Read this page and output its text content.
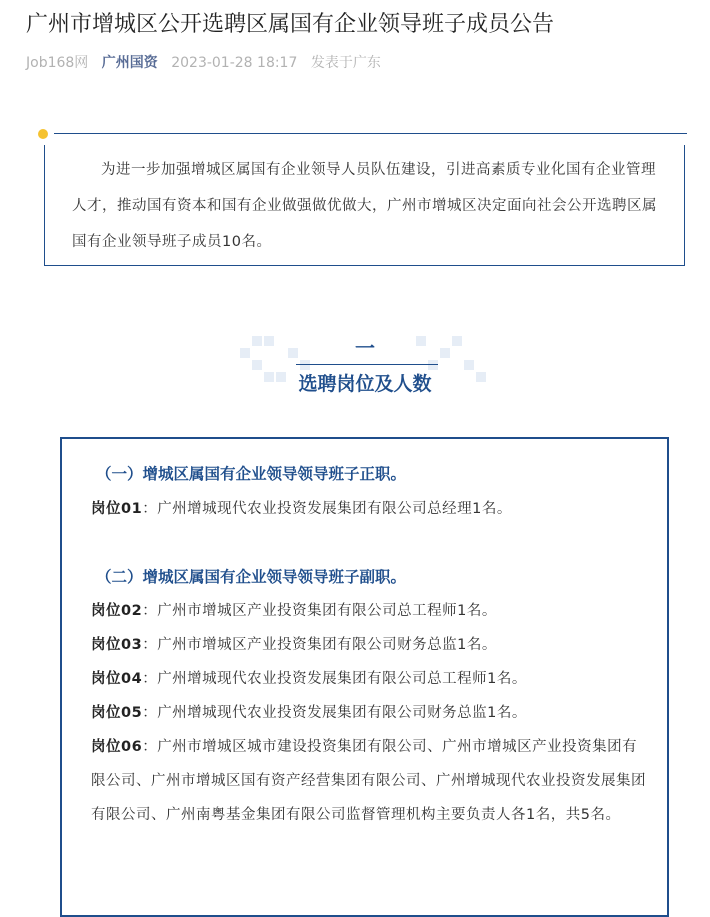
广州市增城区公开选聘区属国有企业领导班子成员公告
Job168网 广州国资 2023-01-28 18:17 发表于广东

为进一步加强增城区属国有企业领导人员队伍建设，引进高素质专业化国有企业管理人才，推动国有资本和国有企业做强做优做大，广州市增城区决定面向社会公开选聘区属国有企业领导班子成员10名。

一
选聘岗位及人数
（一）增城区属国有企业领导领导班子正职。

岗位01：广州增城现代农业投资发展集团有限公司总经理1名。

（二）增城区属国有企业领导领导班子副职。

岗位02：广州市增城区产业投资集团有限公司总工程师1名。

岗位03：广州市增城区产业投资集团有限公司财务总监1名。

岗位04：广州增城现代农业投资发展集团有限公司总工程师1名。

岗位05：广州增城现代农业投资发展集团有限公司财务总监1名。

岗位06：广州市增城区城市建设投资集团有限公司、广州市增城区产业投资集团有限公司、广州市增城区国有资产经营集团有限公司、广州增城现代农业投资发展集团有限公司、广州南粤基金集团有限公司监督管理机构主要负责人各1名，共5名。
